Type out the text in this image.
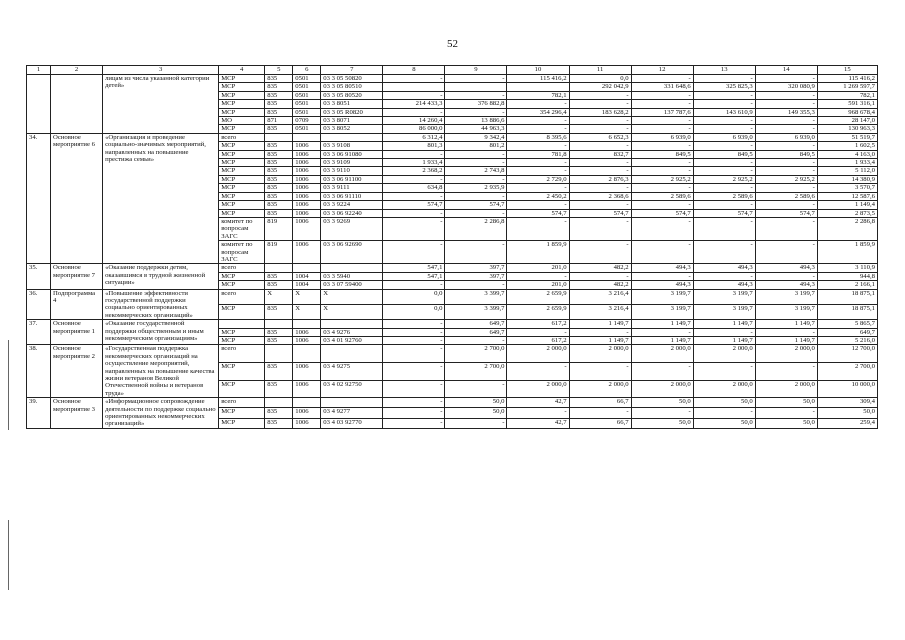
52
1	2	3	4	5	6	7	8	9	10	11	12	13	14	15
		лицам из числа указанной категории детей»	МСР	835	0501	03 3 05 50820	-	-	115 416,2	0,0	-	-	-	115 416,2
			МСР	835	0501	03 3 05 80510				292 042,9	331 648,6	325 825,3	320 080,9	1 269 597,7
			МСР	835	0501	03 3 05 80520	-	-	782,1	-	-	-	-	782,1
			МСР	835	0501	03 3 8051	214 433,3	376 882,8	-	-	-	-	-	591 316,1
			МСР	835	0501	03 3 05 R0820	-	-	354 296,4	183 628,2	137 787,6	143 610,9	149 355,3	968 678,4
			МО	871	0709	03 3 8071	14 260,4	13 886,6	-	-	-	-	-	28 147,0
			МСР	835	0501	03 3 8052	86 000,0	44 963,3	-	-	-	-	-	130 963,3
34.	Основное мероприятие 6	«Организация и проведение социально-значимых мероприятий, направленных на повышение престижа семьи»	всего				6 312,4	9 342,4	8 395,6	6 652,3	6 939,0	6 939,0	6 939,0	51 519,7
			МСР	835	1006	03 3 9108	801,3	801,2	-	-	-	-	-	1 602,5
			МСР	835	1006	03 3 06 91080	-	-	781,8	832,7	849,5	849,5	849,5	4 163,0
			МСР	835	1006	03 3 9109	1 933,4	-	-	-	-	-	-	1 933,4
			МСР	835	1006	03 3 9110	2 368,2	2 743,8	-	-	-	-	-	5 112,0
			МСР	835	1006	03 3 06 91100	-	-	2 729,0	2 876,3	2 925,2	2 925,2	2 925,2	14 380,9
			МСР	835	1006	03 3 9111	634,8	2 935,9	-	-	-	-	-	3 570,7
			МСР	835	1006	03 3 06 91110	-	-	2 450,2	2 368,6	2 589,6	2 589,6	2 589,6	12 587,6
			МСР	835	1006	03 3 9224	574,7	574,7	-	-	-	-	-	1 149,4
			МСР	835	1006	03 3 06 92240	-	-	574,7	574,7	574,7	574,7	574,7	2 873,5
			комитет по вопросам ЗАГС	819	1006	03 3 9269	-	2 286,8	-	-	-	-	-	2 286,8
			комитет по вопросам ЗАГС	819	1006	03 3 06 92690	-	-	1 859,9	-	-	-	-	1 859,9
35.	Основное мероприятие 7	«Оказание поддержки детям, оказавшимся в трудной жизненной ситуации»	всего				547,1	397,7	201,0	482,2	494,3	494,3	494,3	3 110,9
			МСР	835	1004	03 3 5940	547,1	397,7	-	-	-	-	-	944,8
			МСР	835	1004	03 3 07 59400	-	-	201,0	482,2	494,3	494,3	494,3	2 166,1
36.	Подпрограмма 4	«Повышение эффективности государственной поддержки социально ориентированных некоммерческих организаций»	всего	X	X	X	0,0	3 399,7	2 659,9	3 216,4	3 199,7	3 199,7	3 199,7	18 875,1
			МСР	835	X	X	0,0	3 399,7	2 659,9	3 216,4	3 199,7	3 199,7	3 199,7	18 875,1
37.	Основное мероприятие 1	«Оказание государственной поддержки общественным и иным некоммерческим организациям»					-	649,7	617,2	1 149,7	1 149,7	1 149,7	1 149,7	5 865,7
			МСР	835	1006	03 4 9276	-	649,7	-	-	-	-	-	649,7
			МСР	835	1006	03 4 01 92760	-	-	617,2	1 149,7	1 149,7	1 149,7	1 149,7	5 216,0
38.	Основное мероприятие 2	«Государственная поддержка некоммерческих организаций на осуществление мероприятий, направленных на повышение качества жизни ветеранов Великой Отечественной войны и ветеранов труда»	всего				-	2 700,0	2 000,0	2 000,0	2 000,0	2 000,0	2 000,0	12 700,0
			МСР	835	1006	03 4 9275	-	2 700,0	-	-	-	-	-	2 700,0
			МСР	835	1006	03 4 02 92750	-	-	2 000,0	2 000,0	2 000,0	2 000,0	2 000,0	10 000,0
39.	Основное мероприятие 3	«Информационное сопровождение деятельности по поддержке социально ориентированных некоммерческих организаций»	всего				-	50,0	42,7	66,7	50,0	50,0	50,0	309,4
			МСР	835	1006	03 4 9277	-	50,0	-	-	-	-	-	50,0
			МСР	835	1006	03 4 03 92770	-	-	42,7	66,7	50,0	50,0	50,0	259,4
